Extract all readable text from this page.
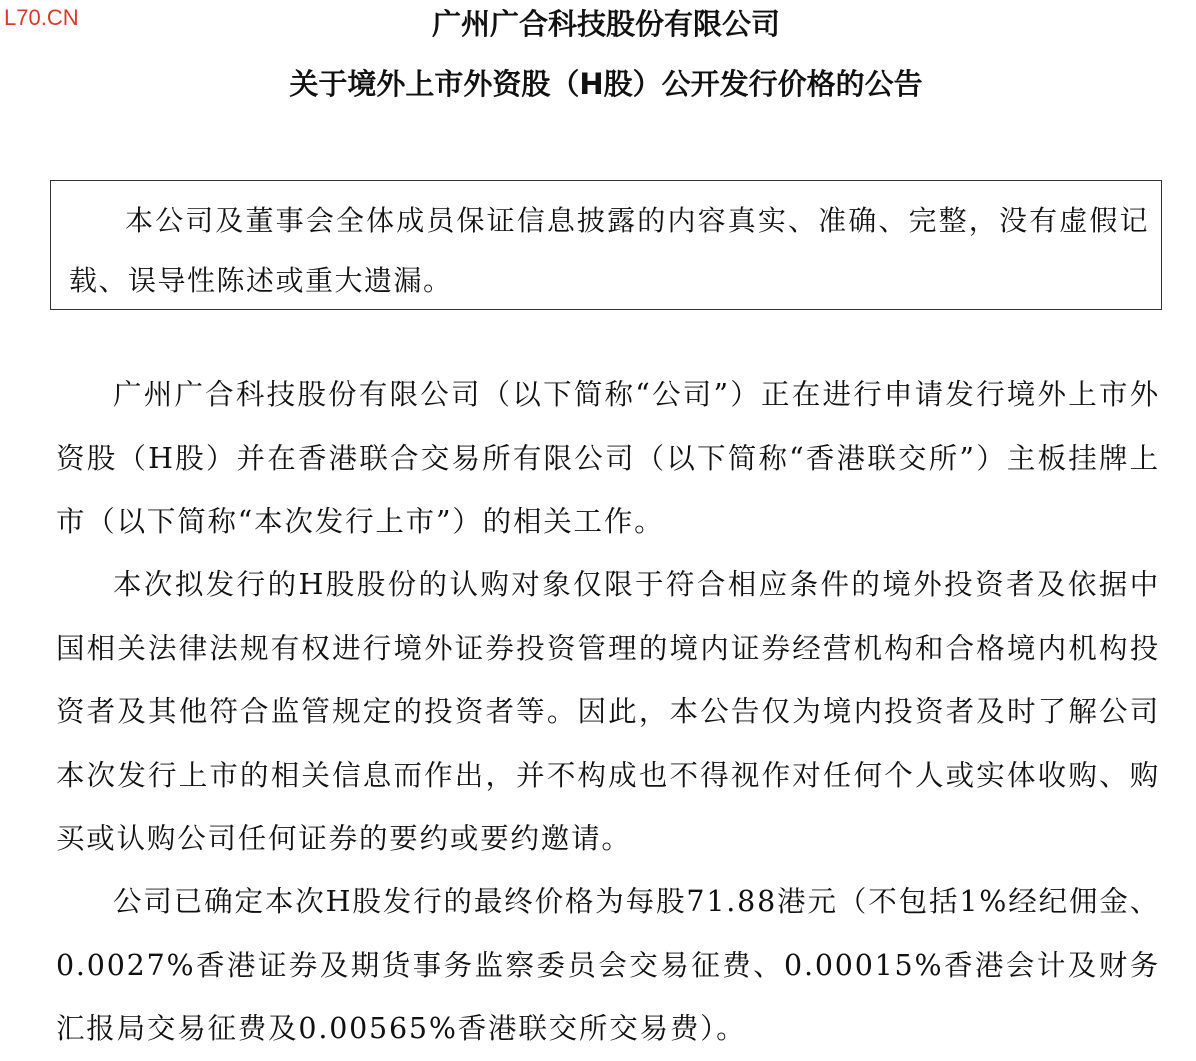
L70.CN	广州广合科技股份有限公司
关于境外上市外资股（H股）公开发行价格的公告
本公司及董事会全体成员保证信息披露的内容真实、准确、完整，没有虚假记载、误导性陈述或重大遗漏。
广州广合科技股份有限公司（以下简称“公司”）正在进行申请发行境外上市外资股（H股）并在香港联合交易所有限公司（以下简称“香港联交所”）主板挂牌上市（以下简称“本次发行上市”）的相关工作。
本次拟发行的H股股份的认购对象仅限于符合相应条件的境外投资者及依据中国相关法律法规有权进行境外证券投资管理的境内证券经营机构和合格境内机构投资者及其他符合监管规定的投资者等。因此，本公告仅为境内投资者及时了解公司本次发行上市的相关信息而作出，并不构成也不得视作对任何个人或实体收购、购买或认购公司任何证券的要约或要约邀请。
公司已确定本次H股发行的最终价格为每股71.88港元（不包括1%经纪佣金、0.0027%香港证券及期货事务监察委员会交易征费、0.00015%香港会计及财务汇报局交易征费及0.00565%香港联交所交易费）。
